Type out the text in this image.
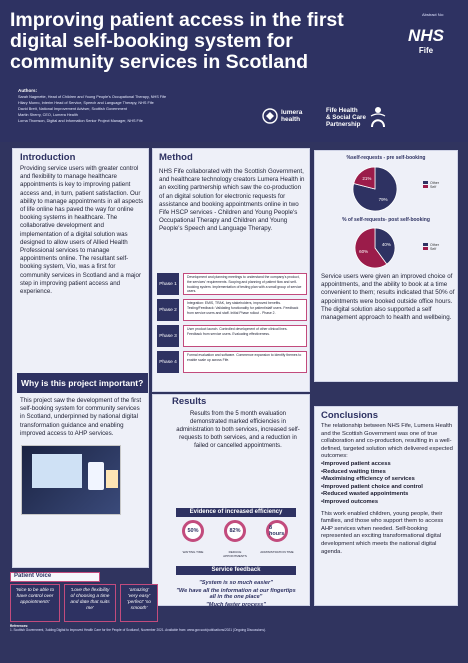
Improving patient access in the first digital self-booking system for community services in Scotland
Abstract No:
NHS
Fife
Authors:
Sarah Nagmette, Head of Children and Young People's Occupational Therapy, NHS Fife
Hilary Munro, Interim Head of Service, Speech and Language Therapy, NHS Fife
David Brett, National Improvement Adviser, Scottish Government
Martin Sherry, CEO, Lumera Health
Lorna Thomson, Digital and Information Senior Project Manager, NHS Fife
lumera
health
Fife Health
& Social Care
Partnership
Introduction
Providing service users with greater control and flexibility to manage healthcare appointments is key to improving patient access and, in turn, patient satisfaction. Our ability to manage appointments in all aspects of life online has paved the way for online booking systems in healthcare. The collaborative development and implementation of a digital solution was designed to allow users of Allied Health Professional services to manage appointments online. The resultant self-booking system, Vio, was a first for community services in Scotland and a major step in improving patient access and experience.
Why is this project important?
This project saw the development of the first self-booking system for community services in Scotland, underpinned by national digital transformation guidance and enabling improved access to AHP services.
Method
NHS Fife collaborated with the Scottish Government, and healthcare technology creators Lumera Health in an exciting partnership which saw the co-production of an digital solution for electronic requests for assistance and booking appointments online in two Fife HSCP services - Children and Young People's Occupational Therapy and Children and Young People's Speech and Language Therapy.
Phase 1
Development and planning meetings to understand the company's product, the services' requirements. Scoping and planning of patient flow and self-booking system. Implementation of testing plan with a small group of service users.
Phase 2
Integration: EMIS, TRAK, key stakeholders, improved benefits. Testing/Feedback: Validating functionality for patient/staff users. Feedback from service users and staff. Initial Phase rollout - Phase 2.
Phase 3
User product launch. Controlled development of other clinical lines. Feedback from service users. Evaluating effectiveness.
Phase 4
Formal evaluation and software. Commence expansion to identify themes to enable scale up across Fife.
Results
Results from the 5 month evaluation demonstrated marked efficiencies in administration to both services, increased self-requests to both services, and a reduction in failed or cancelled appointments.
Evidence of increased efficiency
50%
WAITING TIME
82%
REDUCE APPOINTMENTS
8 hours
ADMINISTRATION TIME
Service feedback
"System is so much easier"
"We have all the information at our fingertips all in the one place"
"Much faster process"
%self-requests - pre self-booking
79%
21%
Other
Self
% of self-requests- post self-booking
40%
60%
Other
Self
Service users were given an improved choice of appointments, and the ability to book at a time convenient to them; results indicated that 50% of appointments were booked outside office hours. The digital solution also supported a self management approach to health and wellbeing.
Conclusions
The relationship between NHS Fife, Lumera Health and the Scottish Government was one of true collaboration and co-production, resulting in a well-defined, targeted solution which delivered expected outcomes:
•Improved patient access
•Reduced waiting times
•Maximising efficiency of services
•Improved patient choice and control
•Reduced wasted appointments
•Improved outcomes
This work enabled children, young people, their families, and those who support them to access AHP services when needed. Self-booking represented an exciting transformational digital development which meets the national digital agenda.
Patient Voice
'Nice to be able to have control over appointments'
'Love the flexibility of choosing a time and date that suits me'
'amazing' 'very easy' 'perfect' 'so smooth'
References:
1. Scottish Government, 'Adding Digital to Improved Health Care for the People of Scotland', November 2021. Available from: www.gov.scot/publications/2021 (Ongoing Discussions).
